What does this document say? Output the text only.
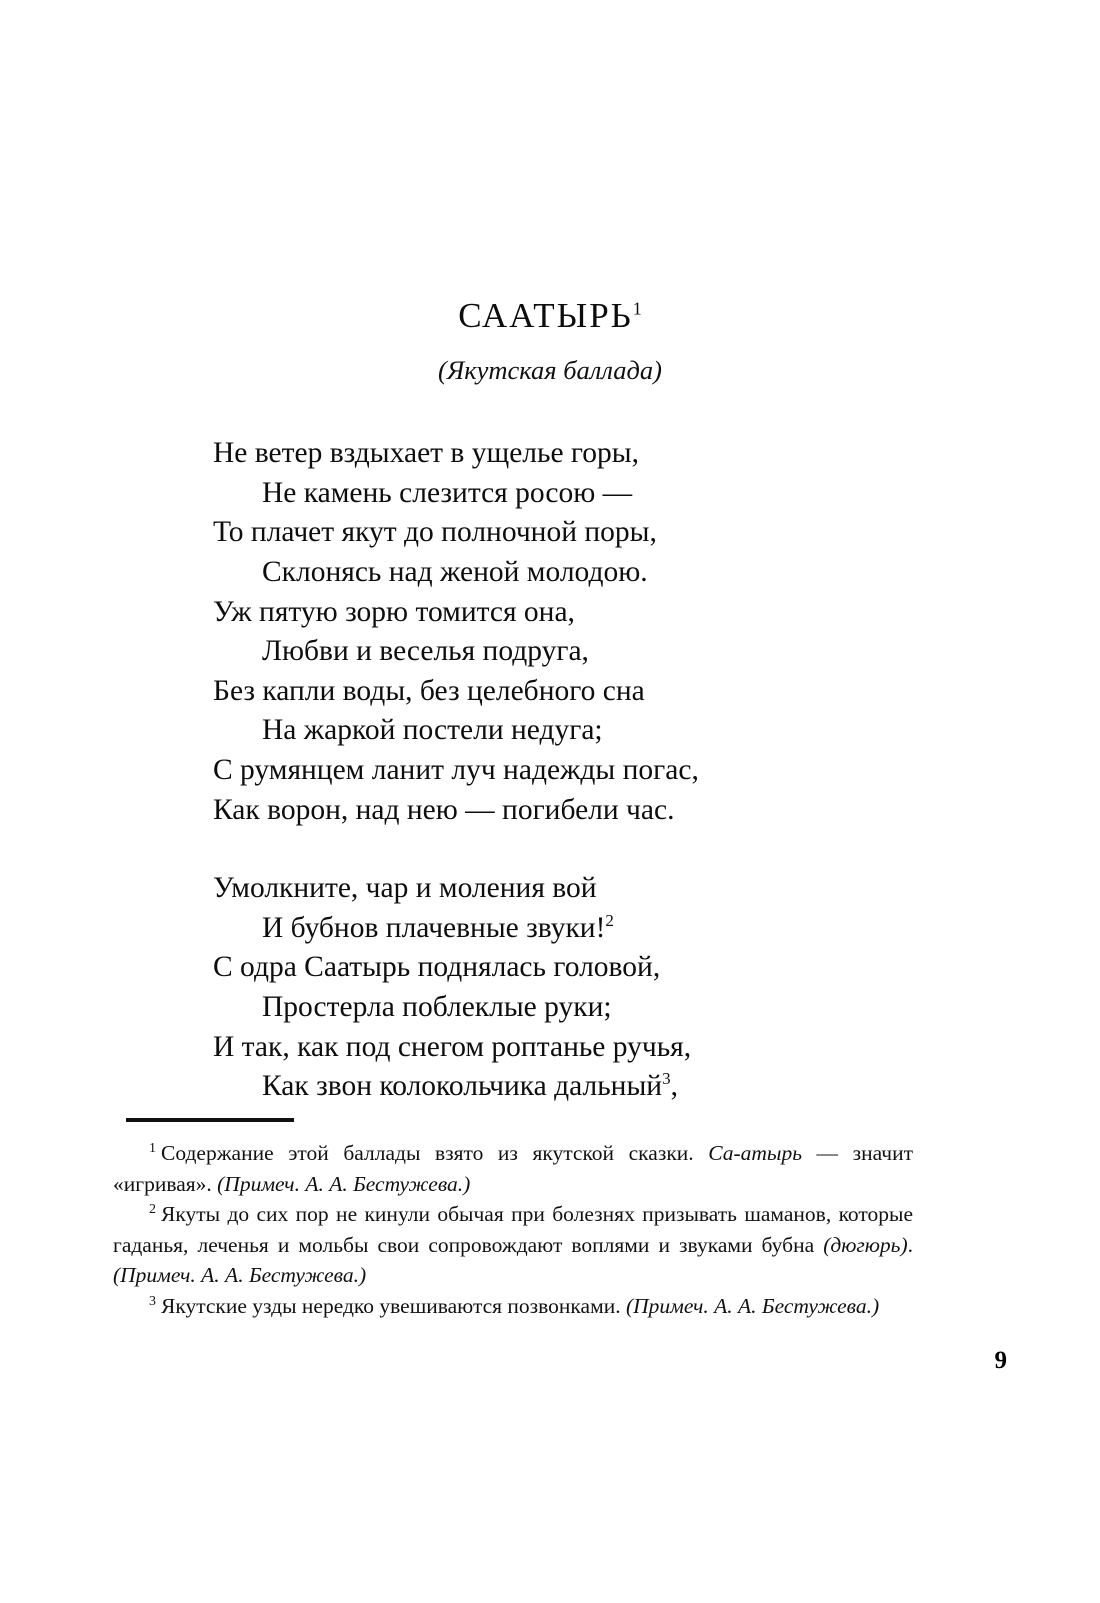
СААТЫРЬ$^1$

(Якутская баллада)

Не ветер вздыхает в ущелье горы,
Не камень слезится росою —
То плачет якут до полночной поры,
Склонясь над женой молодою.
Уж пятую зорю томится она,
Любви и веселья подруга,
Без капли воды, без целебного сна
На жаркой постели недуга;
С румянцем ланит луч надежды погас,
Как ворон, над нею — погибели час.
Умолкните, чар и моления вой
И бубнов плачевные звуки!$^2$
С одра Саатырь поднялась головой,
Простерла поблеклые руки;
И так, как под снегом роптанье ручья,
Как звон колокольчика дальный$^3$,

$^1$ Содержание этой баллады взято из якутской сказки. Са-атырь — значит «игривая». (Примеч. А. А. Бестужева.)

$^2$ Якуты до сих пор не кинули обычая при болезнях призывать шаманов, которые гаданья, леченья и мольбы свои сопровождают воплями и звуками бубна (дюгюрь). (Примеч. А. А. Бестужева.)

$^3$ Якутские узды нередко увешиваются позвонками. (Примеч. А. А. Бестужева.)

9
